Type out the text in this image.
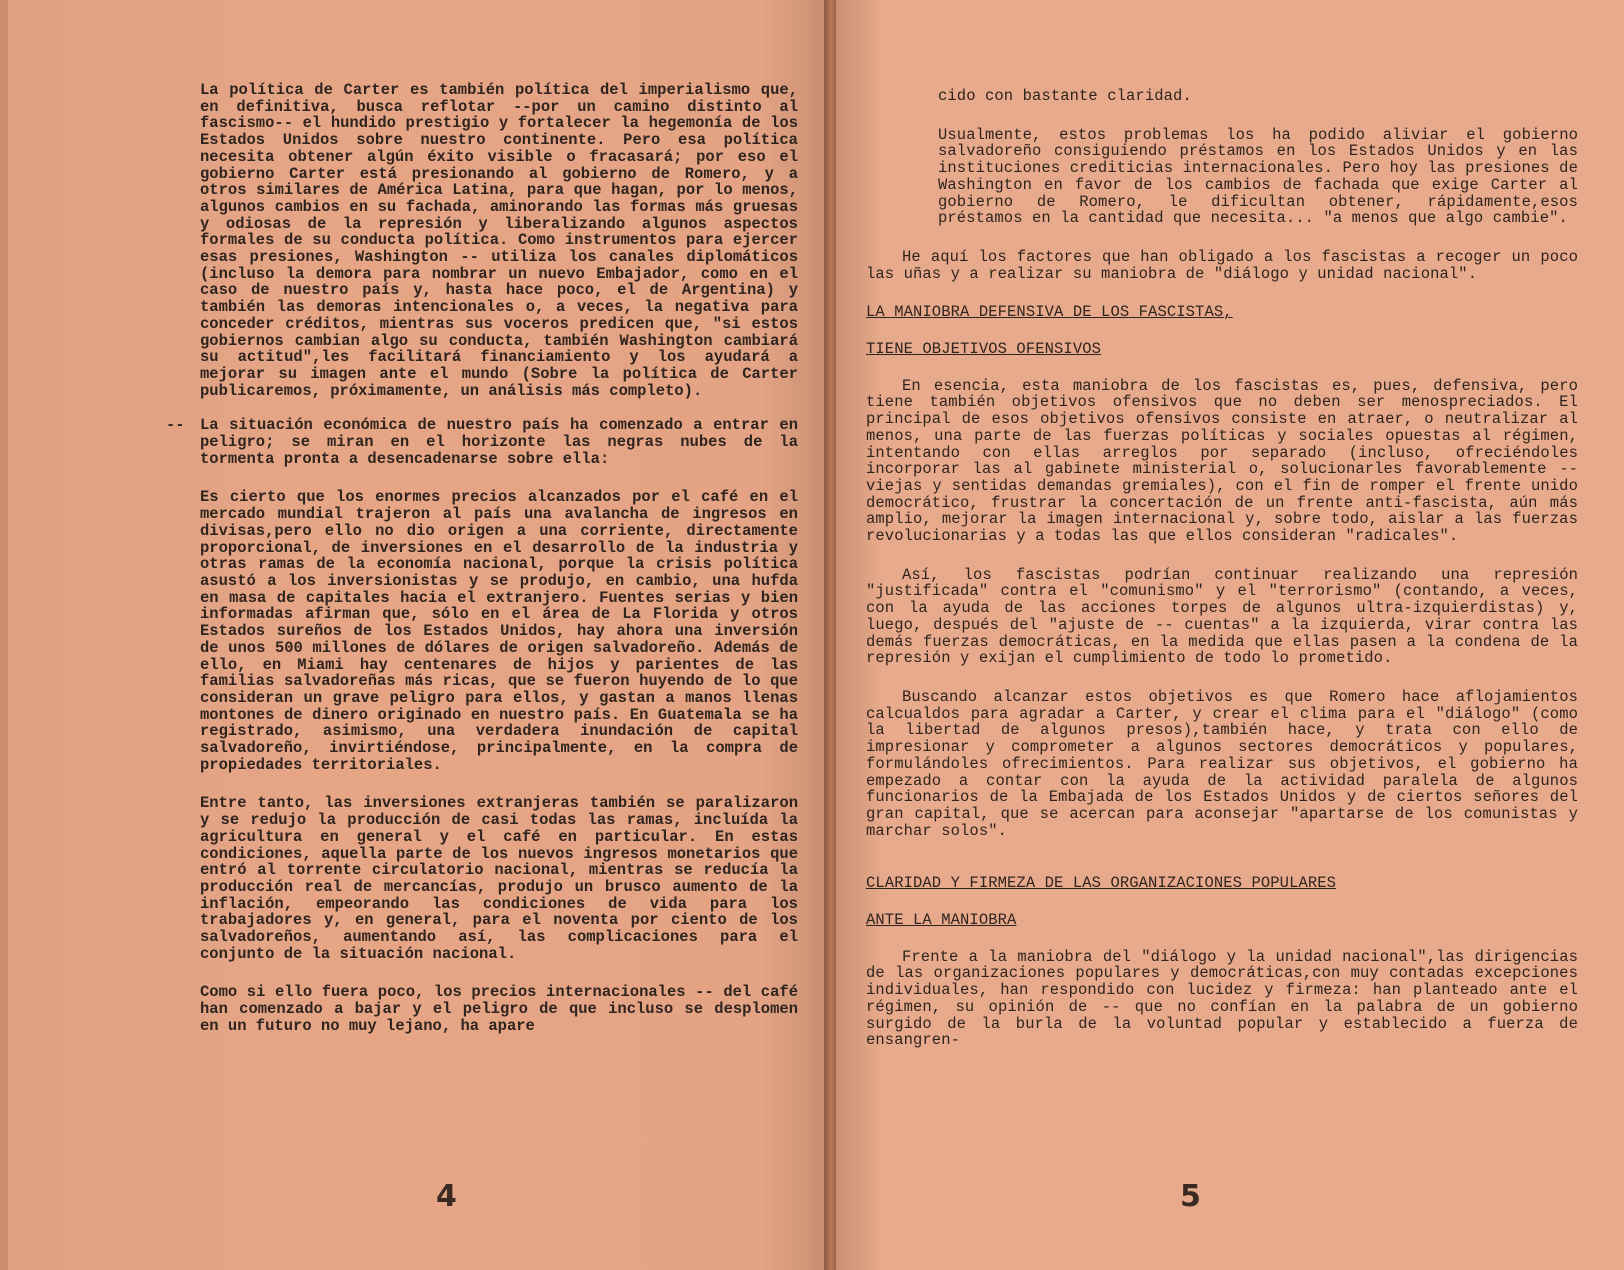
La política de Carter es también política del imperialismo que, en definitiva, busca reflotar --por un camino distinto al fascismo-- el hundido prestigio y fortalecer la hegemonía de los Estados Unidos sobre nuestro continente. Pero esa política necesita obtener algún éxito visible o fracasará; por eso el gobierno Carter está presionando al gobierno de Romero, y a otros similares de América Latina, para que hagan, por lo menos, algunos cambios en su fachada, aminorando las formas más gruesas y odiosas de la represión y liberalizando algunos aspectos formales de su conducta política. Como instrumentos para ejercer esas presiones, Washington -- utiliza los canales diplomáticos (incluso la demora para nombrar un nuevo Embajador, como en el caso de nuestro país y, hasta hace poco, el de Argentina) y también las demoras intencionales o, a veces, la negativa para conceder créditos, mientras sus voceros predicen que, "si estos gobiernos cambian algo su conducta, también Washington cambiará su actitud",les facilitará financiamiento y los ayudará a mejorar su imagen ante el mundo (Sobre la política de Carter publicaremos, próximamente, un análisis más completo).

-- La situación económica de nuestro país ha comenzado a entrar en peligro; se miran en el horizonte las negras nubes de la tormenta pronta a desencadenarse sobre ella:

Es cierto que los enormes precios alcanzados por el café en el mercado mundial trajeron al país una avalancha de ingresos en divisas,pero ello no dio origen a una corriente, directamente proporcional, de inversiones en el desarrollo de la industria y otras ramas de la economía nacional, porque la crisis política asustó a los inversionistas y se produjo, en cambio, una hufda en masa de capitales hacia el extranjero. Fuentes serias y bien informadas afirman que, sólo en el área de La Florida y otros Estados sureños de los Estados Unidos, hay ahora una inversión de unos 500 millones de dólares de origen salvadoreño. Además de ello, en Miami hay centenares de hijos y parientes de las familias salvadoreñas más ricas, que se fueron huyendo de lo que consideran un grave peligro para ellos, y gastan a manos llenas montones de dinero originado en nuestro país. En Guatemala se ha registrado, asimismo, una verdadera inundación de capital salvadoreño, invirtiéndose, principalmente, en la compra de propiedades territoriales.

Entre tanto, las inversiones extranjeras también se paralizaron y se redujo la producción de casi todas las ramas, incluída la agricultura en general y el café en particular. En estas condiciones, aquella parte de los nuevos ingresos monetarios que entró al torrente circulatorio nacional, mientras se reducía la producción real de mercancías, produjo un brusco aumento de la inflación, empeorando las condiciones de vida para los trabajadores y, en general, para el noventa por ciento de los salvadoreños, aumentando así, las complicaciones para el conjunto de la situación nacional.

Como si ello fuera poco, los precios internacionales -- del café han comenzado a bajar y el peligro de que incluso se desplomen en un futuro no muy lejano, ha apare

4

cido con bastante claridad.

Usualmente, estos problemas los ha podido aliviar el gobierno salvadoreño consiguiendo préstamos en los Estados Unidos y en las instituciones crediticias internacionales. Pero hoy las presiones de Washington en favor de los cambios de fachada que exige Carter al gobierno de Romero, le dificultan obtener, rápidamente,esos préstamos en la cantidad que necesita... "a menos que algo cambie".

He aquí los factores que han obligado a los fascistas a recoger un poco las uñas y a realizar su maniobra de "diálogo y unidad nacional".

LA MANIOBRA DEFENSIVA DE LOS FASCISTAS,
TIENE OBJETIVOS OFENSIVOS

En esencia, esta maniobra de los fascistas es, pues, defensiva, pero tiene también objetivos ofensivos que no deben ser menospreciados. El principal de esos objetivos ofensivos consiste en atraer, o neutralizar al menos, una parte de las fuerzas políticas y sociales opuestas al régimen, intentando con ellas arreglos por separado (incluso, ofreciéndoles incorporar las al gabinete ministerial o, solucionarles favorablemente -- viejas y sentidas demandas gremiales), con el fin de romper el frente unido democrático, frustrar la concertación de un frente anti-fascista, aún más amplio, mejorar la imagen internacional y, sobre todo, aislar a las fuerzas revolucionarias y a todas las que ellos consideran "radicales".

Así, los fascistas podrían continuar realizando una represión "justificada" contra el "comunismo" y el "terrorismo" (contando, a veces, con la ayuda de las acciones torpes de algunos ultra-izquierdistas) y, luego, después del "ajuste de -- cuentas" a la izquierda, virar contra las demás fuerzas democráticas, en la medida que ellas pasen a la condena de la represión y exijan el cumplimiento de todo lo prometido.

Buscando alcanzar estos objetivos es que Romero hace aflojamientos calcualdos para agradar a Carter, y crear el clima para el "diálogo" (como la libertad de algunos presos),también hace, y trata con ello de impresionar y comprometer a algunos sectores democráticos y populares, formulándoles ofrecimientos. Para realizar sus objetivos, el gobierno ha empezado a contar con la ayuda de la actividad paralela de algunos funcionarios de la Embajada de los Estados Unidos y de ciertos señores del gran capital, que se acercan para aconsejar "apartarse de los comunistas y marchar solos".

CLARIDAD Y FIRMEZA DE LAS ORGANIZACIONES POPULARES
ANTE LA MANIOBRA

Frente a la maniobra del "diálogo y la unidad nacional",las dirigencias de las organizaciones populares y democráticas,con muy contadas excepciones individuales, han respondido con lucidez y firmeza: han planteado ante el régimen, su opinión de -- que no confían en la palabra de un gobierno surgido de la burla de la voluntad popular y establecido a fuerza de ensangren-

5
